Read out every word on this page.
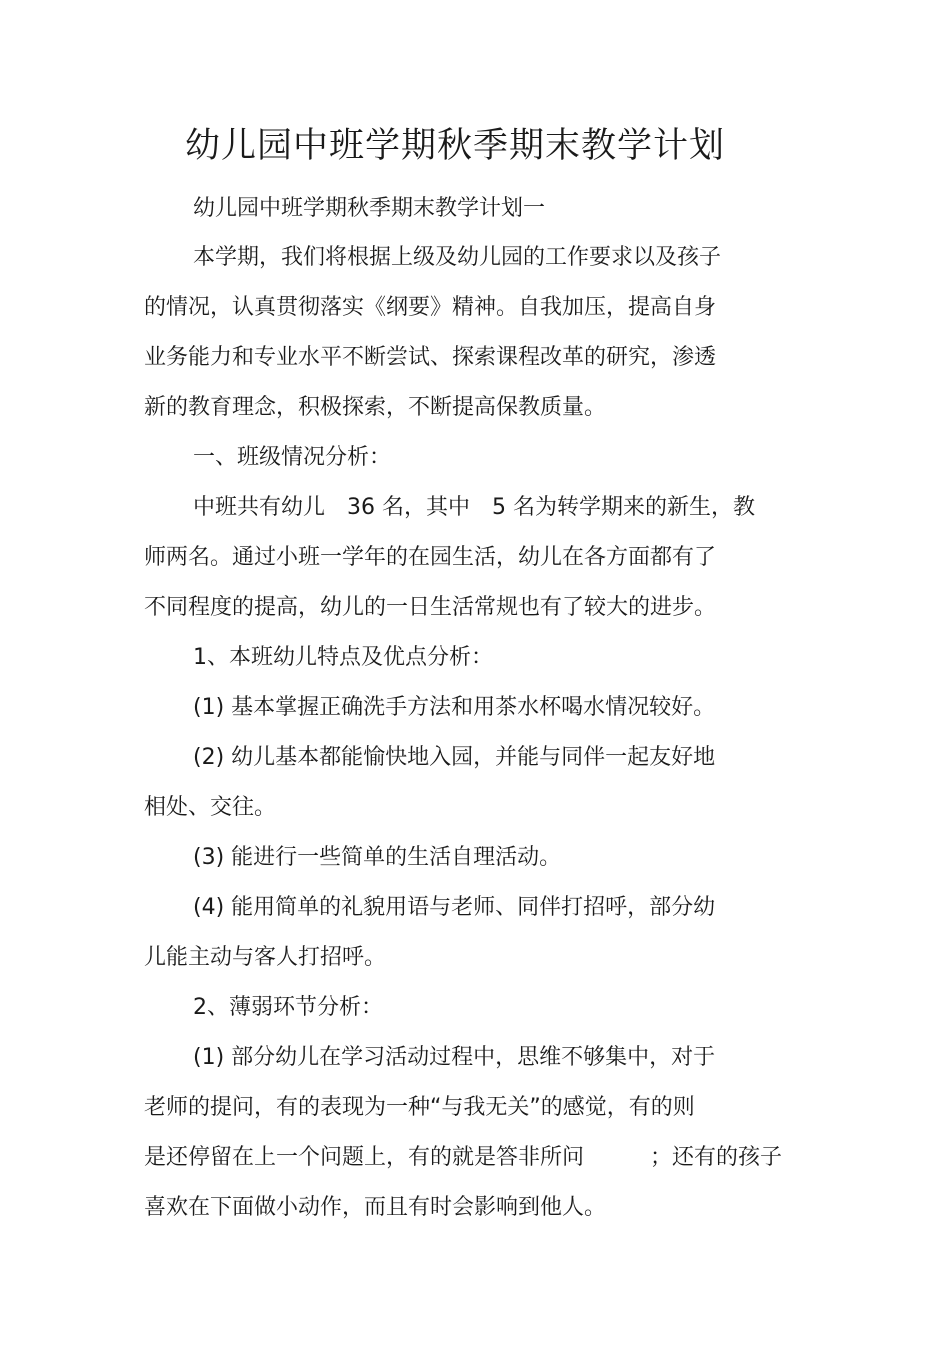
幼儿园中班学期秋季期末教学计划
幼儿园中班学期秋季期末教学计划一
本学期，我们将根据上级及幼儿园的工作要求以及孩子
的情况，认真贯彻落实《纲要》精神。自我加压，提高自身
业务能力和专业水平不断尝试、探索课程改革的研究，渗透
新的教育理念，积极探索，不断提高保教质量。
一、班级情况分析：
中班共有幼儿　36 名，其中　5 名为转学期来的新生，教
师两名。通过小班一学年的在园生活，幼儿在各方面都有了
不同程度的提高，幼儿的一日生活常规也有了较大的进步。
1、本班幼儿特点及优点分析：
(1) 基本掌握正确洗手方法和用茶水杯喝水情况较好。
(2) 幼儿基本都能愉快地入园，并能与同伴一起友好地
相处、交往。
(3) 能进行一些简单的生活自理活动。
(4) 能用简单的礼貌用语与老师、同伴打招呼，部分幼
儿能主动与客人打招呼。
2、薄弱环节分析：
(1) 部分幼儿在学习活动过程中，思维不够集中，对于
老师的提问，有的表现为一种“与我无关”的感觉，有的则
是还停留在上一个问题上，有的就是答非所问　　　；还有的孩子
喜欢在下面做小动作，而且有时会影响到他人。
